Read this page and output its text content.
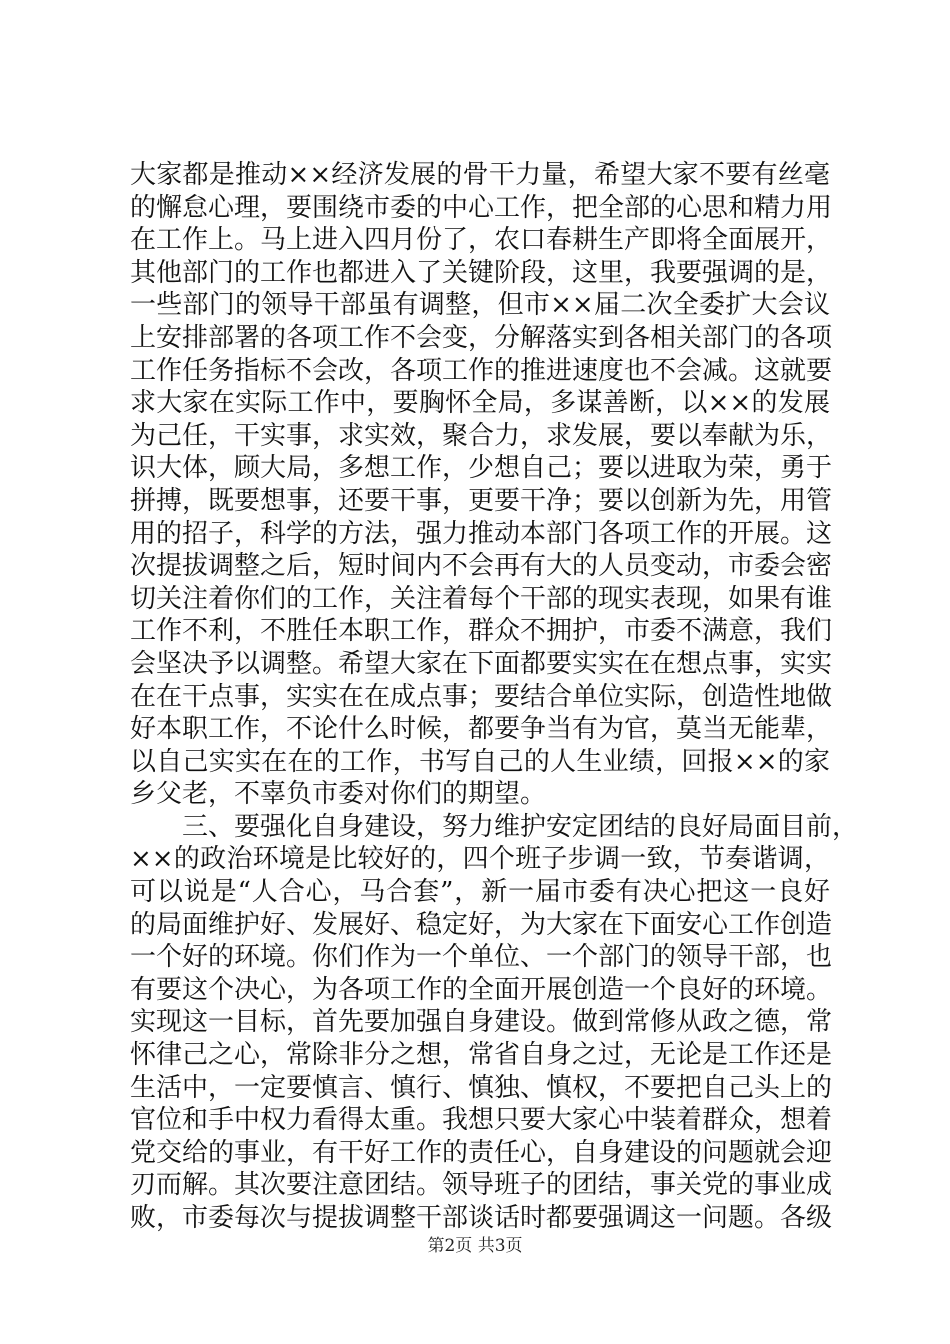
大家都是推动××经济发展的骨干力量，希望大家不要有丝毫
的懈怠心理，要围绕市委的中心工作，把全部的心思和精力用
在工作上。马上进入四月份了，农口春耕生产即将全面展开，
其他部门的工作也都进入了关键阶段，这里，我要强调的是，
一些部门的领导干部虽有调整，但市××届二次全委扩大会议
上安排部署的各项工作不会变，分解落实到各相关部门的各项
工作任务指标不会改，各项工作的推进速度也不会减。这就要
求大家在实际工作中，要胸怀全局，多谋善断，以××的发展
为己任，干实事，求实效，聚合力，求发展，要以奉献为乐，
识大体，顾大局，多想工作，少想自己；要以进取为荣，勇于
拼搏，既要想事，还要干事，更要干净；要以创新为先，用管
用的招子，科学的方法，强力推动本部门各项工作的开展。这
次提拔调整之后，短时间内不会再有大的人员变动，市委会密
切关注着你们的工作，关注着每个干部的现实表现，如果有谁
工作不利，不胜任本职工作，群众不拥护，市委不满意，我们
会坚决予以调整。希望大家在下面都要实实在在想点事，实实
在在干点事，实实在在成点事；要结合单位实际，创造性地做
好本职工作，不论什么时候，都要争当有为官，莫当无能辈，
以自己实实在在的工作，书写自己的人生业绩，回报××的家
乡父老，不辜负市委对你们的期望。
　　三、要强化自身建设，努力维护安定团结的良好局面目前，
××的政治环境是比较好的，四个班子步调一致，节奏谐调，
可以说是“人合心，马合套”，新一届市委有决心把这一良好
的局面维护好、发展好、稳定好，为大家在下面安心工作创造
一个好的环境。你们作为一个单位、一个部门的领导干部，也
有要这个决心，为各项工作的全面开展创造一个良好的环境。
实现这一目标，首先要加强自身建设。做到常修从政之德，常
怀律己之心，常除非分之想，常省自身之过，无论是工作还是
生活中，一定要慎言、慎行、慎独、慎权，不要把自己头上的
官位和手中权力看得太重。我想只要大家心中装着群众，想着
党交给的事业，有干好工作的责任心，自身建设的问题就会迎
刃而解。其次要注意团结。领导班子的团结，事关党的事业成
败，市委每次与提拔调整干部谈话时都要强调这一问题。各级
第2页 共3页
